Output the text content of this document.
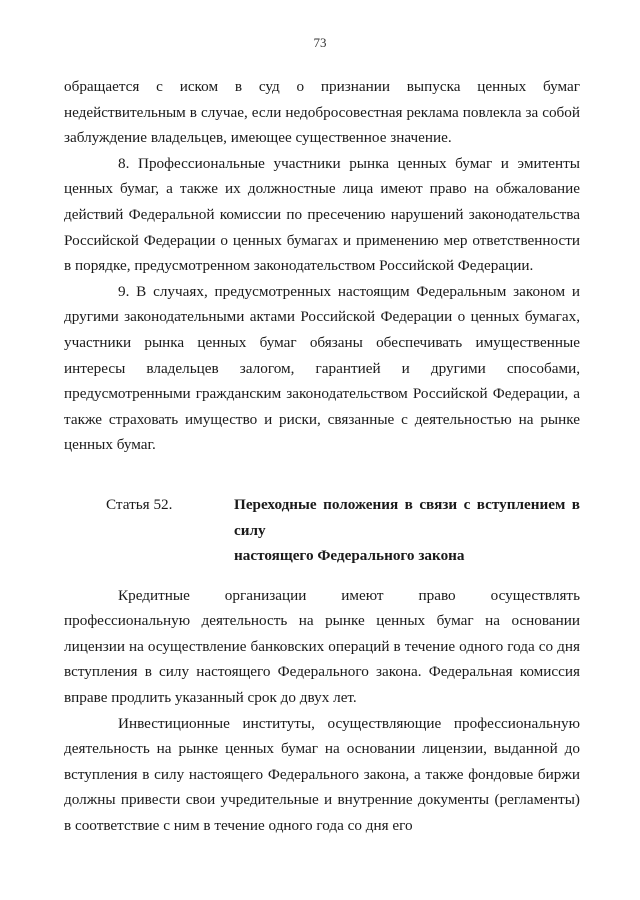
73

обращается с иском в суд о признании выпуска ценных бумаг недействительным в случае, если недобросовестная реклама повлекла за собой заблуждение владельцев, имеющее существенное значение.

8. Профессиональные участники рынка ценных бумаг и эмитенты ценных бумаг, а также их должностные лица имеют право на обжалование действий Федеральной комиссии по пресечению нарушений законодательства Российской Федерации о ценных бумагах и применению мер ответственности в порядке, предусмотренном законодательством Российской Федерации.

9. В случаях, предусмотренных настоящим Федеральным законом и другими законодательными актами Российской Федерации о ценных бумагах, участники рынка ценных бумаг обязаны обеспечивать имущественные интересы владельцев залогом, гарантией и другими способами, предусмотренными гражданским законодательством Российской Федерации, а также страховать имущество и риски, связанные с деятельностью на рынке ценных бумаг.

Статья 52.	Переходные положения в связи с вступлением в силу
настоящего Федерального закона

Кредитные организации имеют право осуществлять профессиональную деятельность на рынке ценных бумаг на основании лицензии на осуществление банковских операций в течение одного года со дня вступления в силу настоящего Федерального закона. Федеральная комиссия вправе продлить указанный срок до двух лет.

Инвестиционные институты, осуществляющие профессиональную деятельность на рынке ценных бумаг на основании лицензии, выданной до вступления в силу настоящего Федерального закона, а также фондовые биржи должны привести свои учредительные и внутренние документы (регламенты) в соответствие с ним в течение одного года со дня его
